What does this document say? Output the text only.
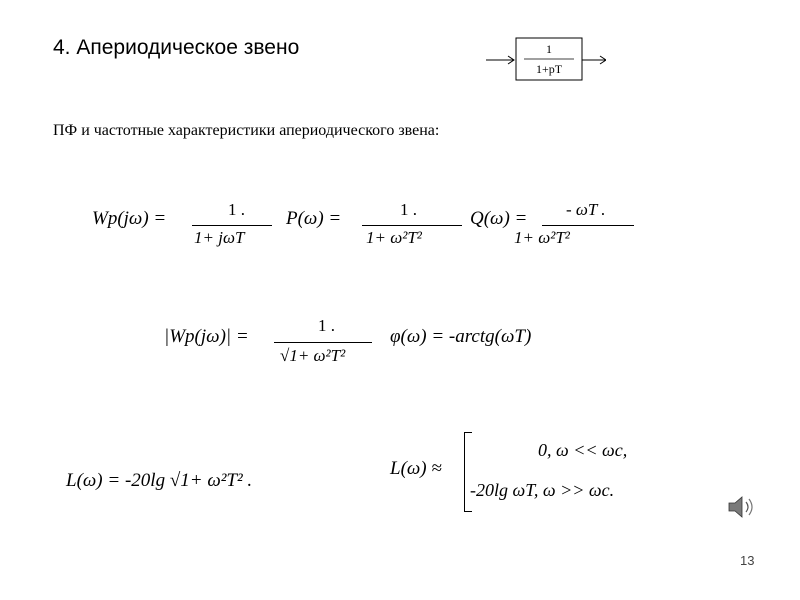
4. Апериодическое звено
ПФ и частотные характеристики апериодического звена:
1
1+pT
Wp(jω) =	1 .
1+ jωT
P(ω) =	1 .
1+ ω²T²
Q(ω) = - ωT .
1+ ω²T²
|Wp(jω)| =
1 .
√1+ ω²T²
φ(ω) = -arctg(ωT)
L(ω) = -20lg √1+ ω²T² .
L(ω) ≈
0, ω << ωc,
-20lg ωT, ω >> ωc.
13
